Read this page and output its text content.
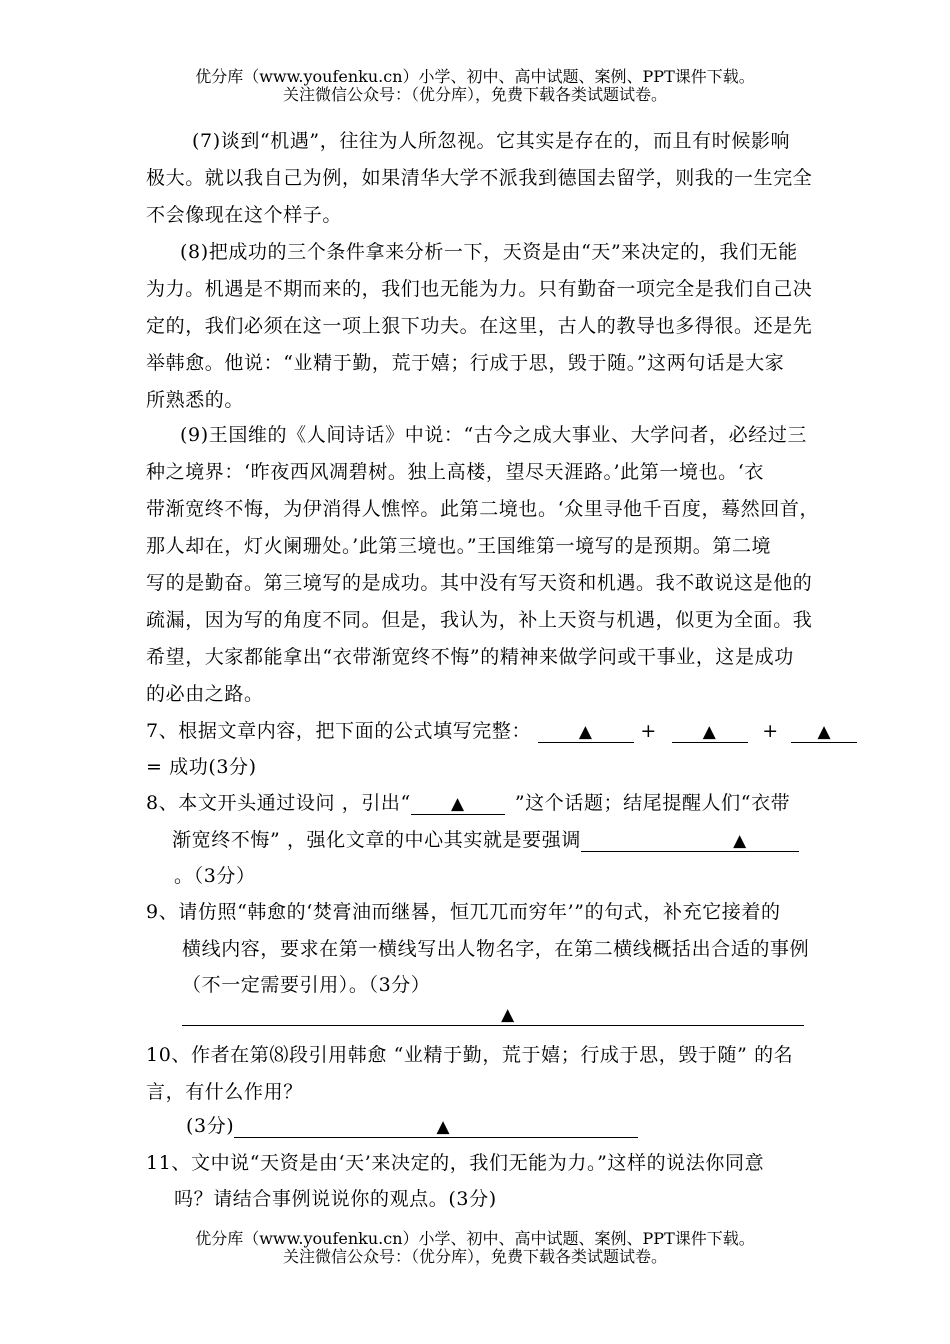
优分库（www.youfenku.cn）小学、初中、高中试题、案例、PPT课件下载。
关注微信公众号：（优分库），免费下载各类试题试卷。
(7)谈到“机遇”，往往为人所忽视。它其实是存在的，而且有时候影响
极大。就以我自己为例，如果清华大学不派我到德国去留学，则我的一生完全
不会像现在这个样子。
(8)把成功的三个条件拿来分析一下，天资是由“天”来决定的，我们无能
为力。机遇是不期而来的，我们也无能为力。只有勤奋一项完全是我们自己决
定的，我们必须在这一项上狠下功夫。在这里，古人的教导也多得很。还是先
举韩愈。他说：“业精于勤，荒于嬉；行成于思，毁于随。”这两句话是大家
所熟悉的。
(9)王国维的《人间诗话》中说：“古今之成大事业、大学问者，必经过三
种之境界：‘昨夜西风凋碧树。独上高楼，望尽天涯路。’此第一境也。‘衣
带渐宽终不悔，为伊消得人憔悴。此第二境也。‘众里寻他千百度，蓦然回首，
那人却在，灯火阑珊处。’此第三境也。”王国维第一境写的是预期。第二境
写的是勤奋。第三境写的是成功。其中没有写天资和机遇。我不敢说这是他的
疏漏，因为写的角度不同。但是，我认为，补上天资与机遇，似更为全面。我
希望，大家都能拿出“衣带渐宽终不悔”的精神来做学问或干事业，这是成功
的必由之路。
7、根据文章内容，把下面的公式填写完整：	▲	+	▲ + ▲
= 成功(3分)
8、本文开头通过设问 ，引出“ ▲	”这个话题；结尾提醒人们“衣带
渐宽终不悔” ，强化文章的中心其实就是要强调	▲
。（3分）
9、请仿照“韩愈的‘焚膏油而继晷，恒兀兀而穷年’”的句式，补充它接着的
横线内容，要求在第一横线写出人物名字，在第二横线概括出合适的事例
（不一定需要引用）。（3分）
▲
10、作者在第⑻段引用韩愈 “业精于勤，荒于嬉；行成于思，毁于随” 的名
言，有什么作用？
(3分)	▲
11、文中说“天资是由‘天’来决定的，我们无能为力。”这样的说法你同意
吗？请结合事例说说你的观点。(3分)
优分库（www.youfenku.cn）小学、初中、高中试题、案例、PPT课件下载。
关注微信公众号：（优分库），免费下载各类试题试卷。
